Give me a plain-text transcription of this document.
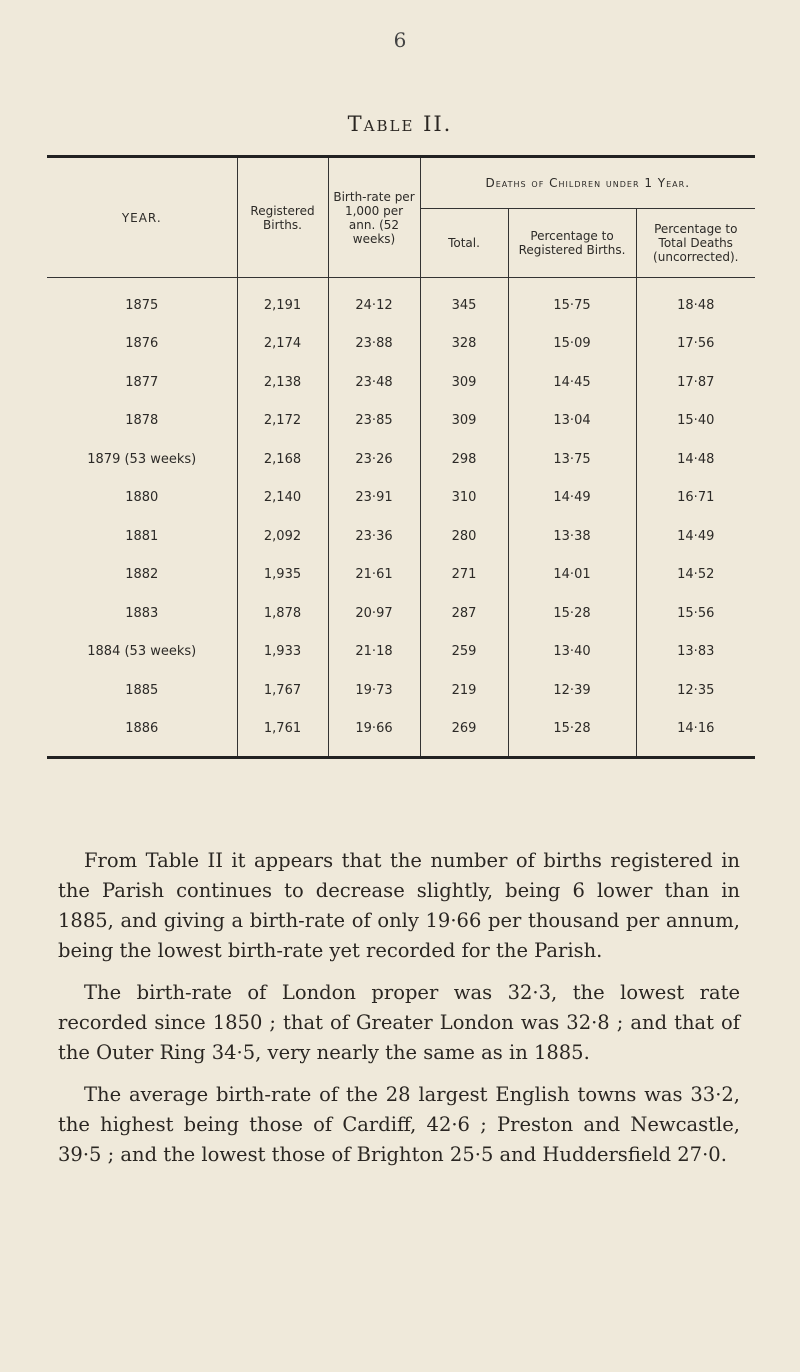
6
Table II.
YEAR.	Registered Births.	Birth-rate per 1,000 per ann. (52 weeks)	Deaths of Children under 1 Year.		
			Total.	Percentage to Registered Births.	Percentage to Total Deaths (uncorrected).
1875	2,191	24·12	345	15·75	18·48
1876	2,174	23·88	328	15·09	17·56
1877	2,138	23·48	309	14·45	17·87
1878	2,172	23·85	309	13·04	15·40
1879 (53 weeks)	2,168	23·26	298	13·75	14·48
1880	2,140	23·91	310	14·49	16·71
1881	2,092	23·36	280	13·38	14·49
1882	1,935	21·61	271	14·01	14·52
1883	1,878	20·97	287	15·28	15·56
1884 (53 weeks)	1,933	21·18	259	13·40	13·83
1885	1,767	19·73	219	12·39	12·35
1886	1,761	19·66	269	15·28	14·16

From Table II it appears that the number of births registered in the Parish continues to decrease slightly, being 6 lower than in 1885, and giving a birth-rate of only 19·66 per thousand per annum, being the lowest birth-rate yet recorded for the Parish.

The birth-rate of London proper was 32·3, the lowest rate recorded since 1850 ; that of Greater London was 32·8 ; and that of the Outer Ring 34·5, very nearly the same as in 1885.

The average birth-rate of the 28 largest English towns was 33·2, the highest being those of Cardiff, 42·6 ; Preston and Newcastle, 39·5 ; and the lowest those of Brighton 25·5 and Huddersfield 27·0.
